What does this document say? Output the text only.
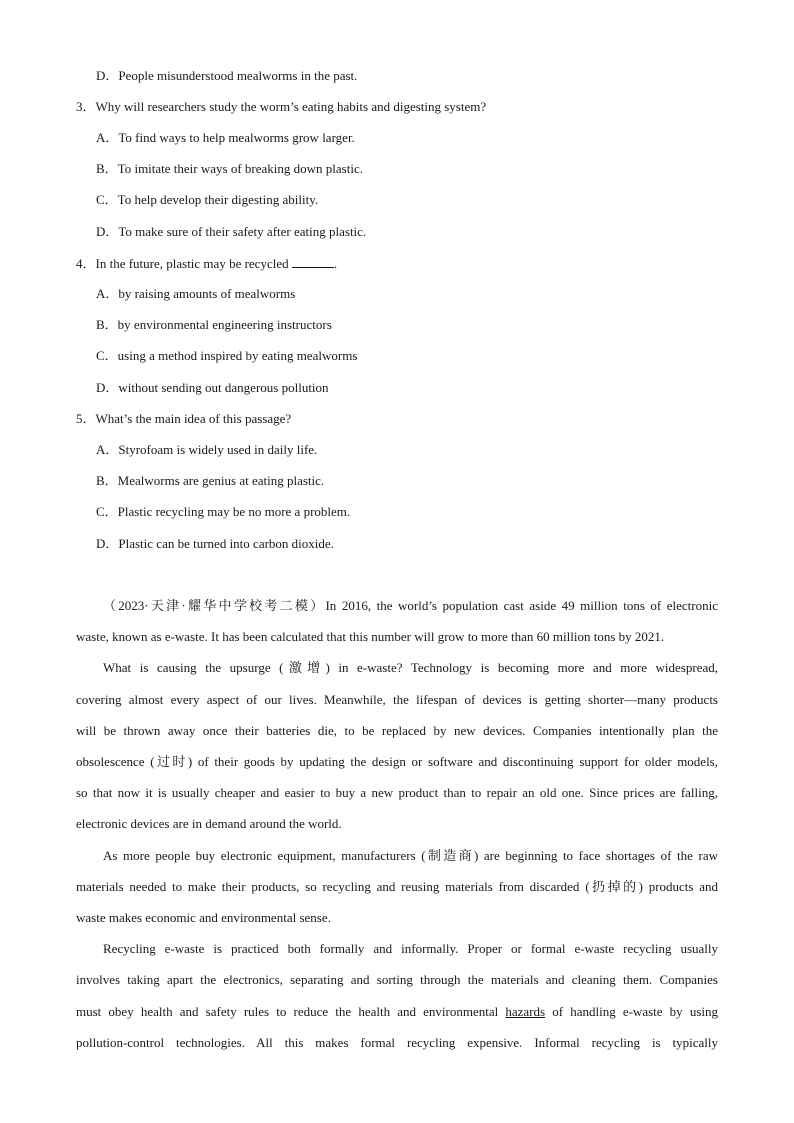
D．People misunderstood mealworms in the past.
3．Why will researchers study the worm’s eating habits and digesting system?
A．To find ways to help mealworms grow larger.
B．To imitate their ways of breaking down plastic.
C．To help develop their digesting ability.
D．To make sure of their safety after eating plastic.
4．In the future, plastic may be recycled	.
A．by raising amounts of mealworms
B．by environmental engineering instructors
C．using a method inspired by eating mealworms
D．without sending out dangerous pollution
5．What’s the main idea of this passage?
A．Styrofoam is widely used in daily life.
B．Mealworms are genius at eating plastic.
C．Plastic recycling may be no more a problem.
D．Plastic can be turned into carbon dioxide.
（2023·天津·耀华中学校考二模）In 2016, the world’s population cast aside 49 million tons of electronic
waste, known as e-waste. It has been calculated that this number will grow to more than 60 million tons by 2021.
What is causing the upsurge (激增) in e-waste? Technology is becoming more and more widespread,
covering almost every aspect of our lives. Meanwhile, the lifespan of devices is getting shorter—many products
will be thrown away once their batteries die, to be replaced by new devices. Companies intentionally plan the
obsolescence (过时) of their goods by updating the design or software and discontinuing support for older models,
so that now it is usually cheaper and easier to buy a new product than to repair an old one. Since prices are falling,
electronic devices are in demand around the world.
As more people buy electronic equipment, manufacturers (制造商) are beginning to face shortages of the raw
materials needed to make their products, so recycling and reusing materials from discarded (扔掉的) products and
waste makes economic and environmental sense.
Recycling e-waste is practiced both formally and informally. Proper or formal e-waste recycling usually
involves taking apart the electronics, separating and sorting through the materials and cleaning them. Companies
must obey health and safety rules to reduce the health and environmental hazards of handling e-waste by using
pollution-control technologies. All this makes formal recycling expensive. Informal recycling is typically
